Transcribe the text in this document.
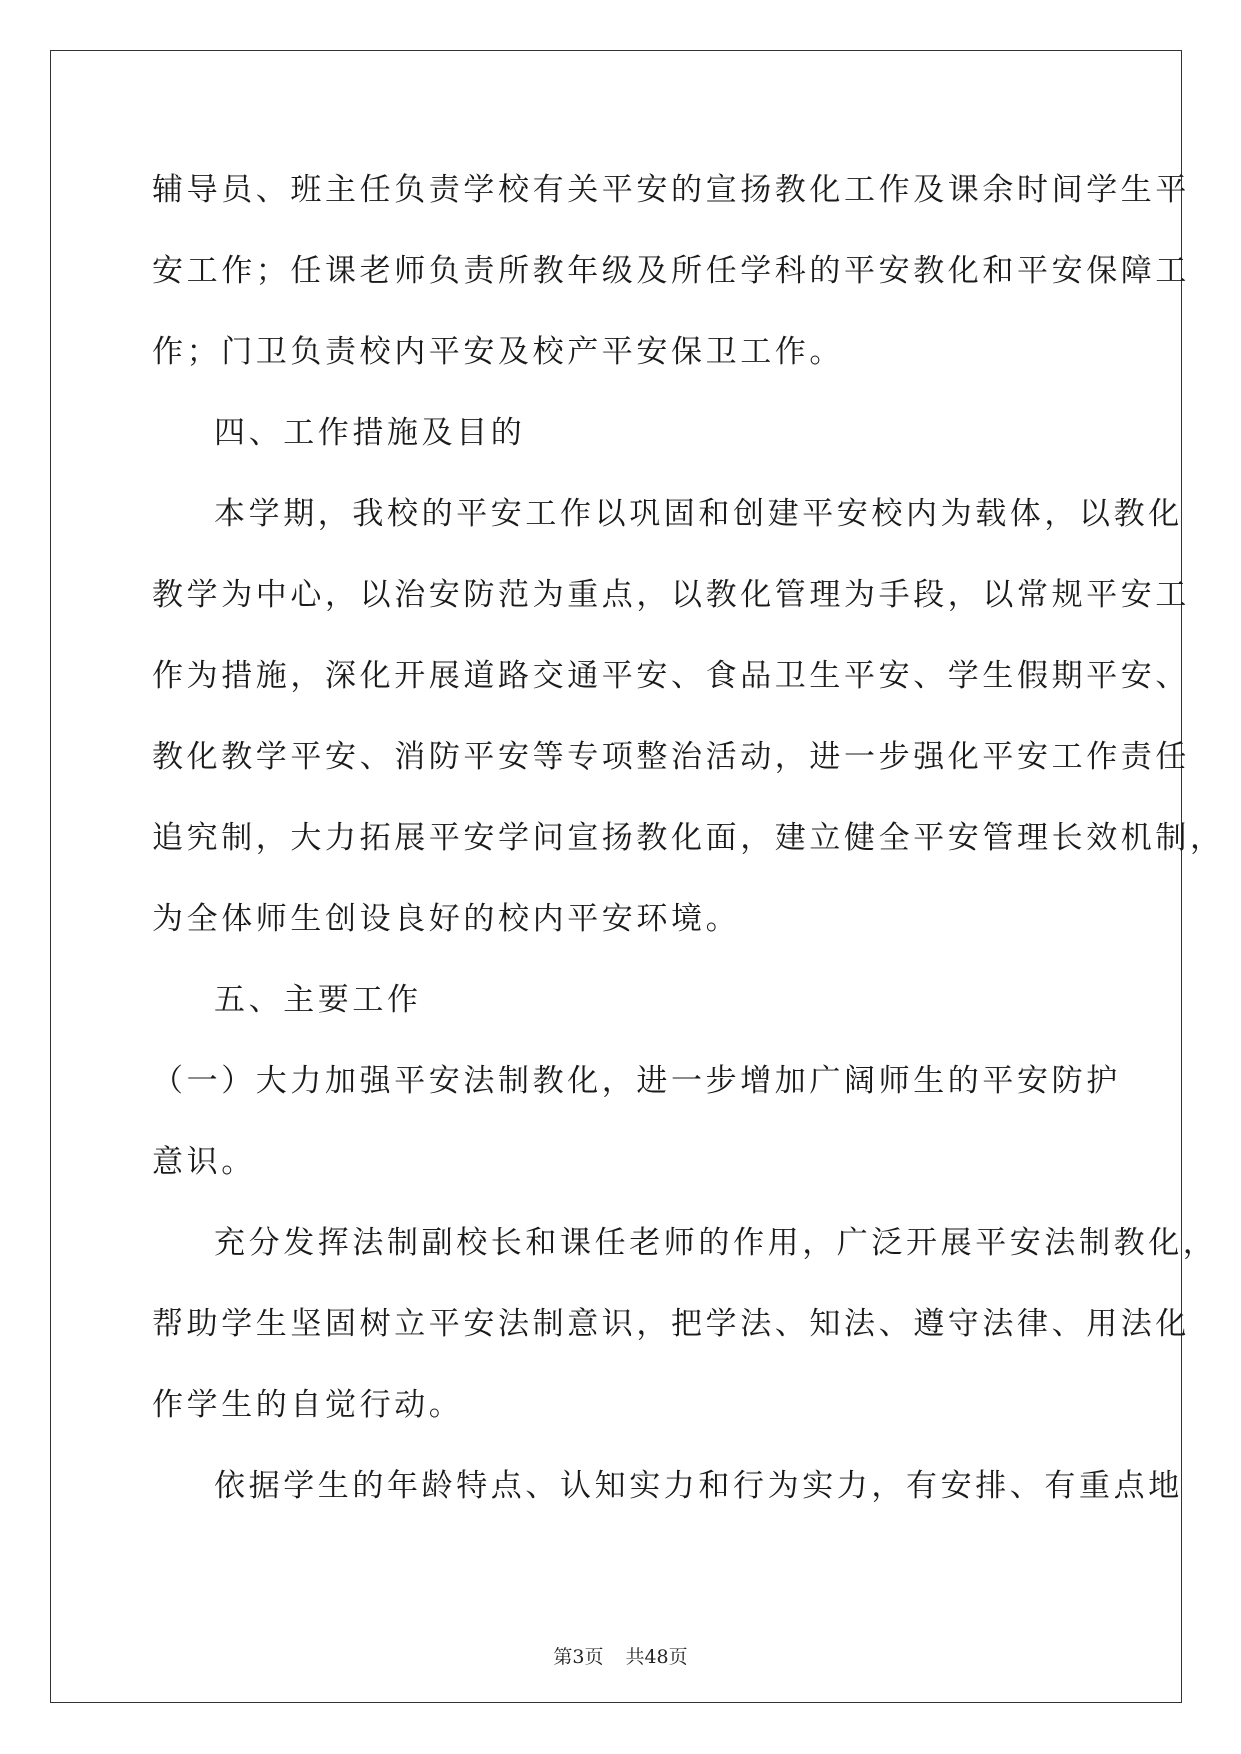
辅导员、班主任负责学校有关平安的宣扬教化工作及课余时间学生平
安工作；任课老师负责所教年级及所任学科的平安教化和平安保障工
作；门卫负责校内平安及校产平安保卫工作。
四、工作措施及目的
本学期，我校的平安工作以巩固和创建平安校内为载体，以教化
教学为中心，以治安防范为重点，以教化管理为手段，以常规平安工
作为措施，深化开展道路交通平安、食品卫生平安、学生假期平安、
教化教学平安、消防平安等专项整治活动，进一步强化平安工作责任
追究制，大力拓展平安学问宣扬教化面，建立健全平安管理长效机制，
为全体师生创设良好的校内平安环境。
五、主要工作
（一）大力加强平安法制教化，进一步增加广阔师生的平安防护
意识。
充分发挥法制副校长和课任老师的作用，广泛开展平安法制教化，
帮助学生坚固树立平安法制意识，把学法、知法、遵守法律、用法化
作学生的自觉行动。
依据学生的年龄特点、认知实力和行为实力，有安排、有重点地
第3页 共48页
